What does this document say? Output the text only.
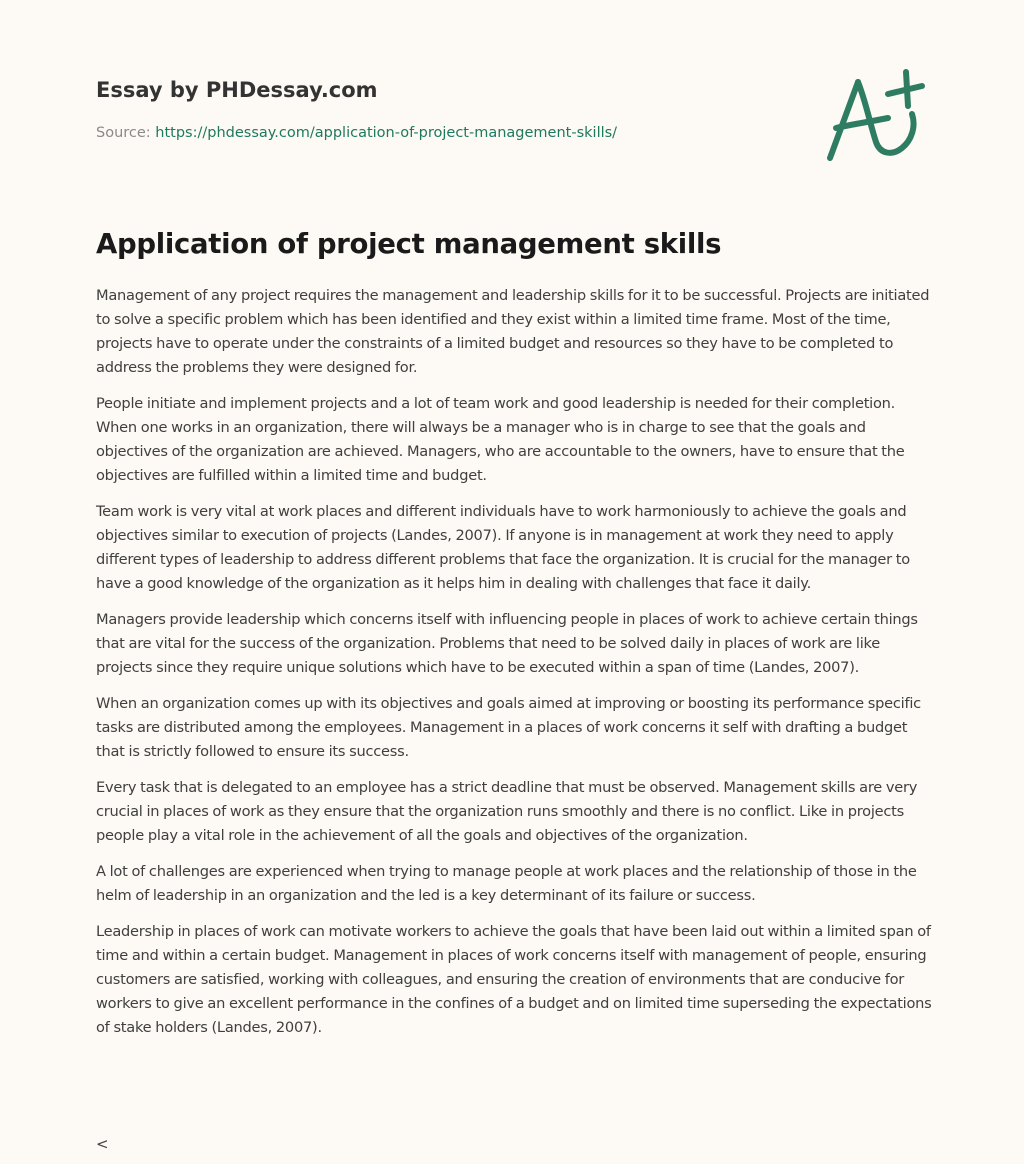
Essay by PHDessay.com
Source: https://phdessay.com/application-of-project-management-skills/
Application of project management skills

Management of any project requires the management and leadership skills for it to be successful. Projects are initiated to solve a specific problem which has been identified and they exist within a limited time frame. Most of the time, projects have to operate under the constraints of a limited budget and resources so they have to be completed to address the problems they were designed for.

People initiate and implement projects and a lot of team work and good leadership is needed for their completion. When one works in an organization, there will always be a manager who is in charge to see that the goals and objectives of the organization are achieved. Managers, who are accountable to the owners, have to ensure that the objectives are fulfilled within a limited time and budget.

Team work is very vital at work places and different individuals have to work harmoniously to achieve the goals and objectives similar to execution of projects (Landes, 2007). If anyone is in management at work they need to apply different types of leadership to address different problems that face the organization. It is crucial for the manager to have a good knowledge of the organization as it helps him in dealing with challenges that face it daily.

Managers provide leadership which concerns itself with influencing people in places of work to achieve certain things that are vital for the success of the organization. Problems that need to be solved daily in places of work are like projects since they require unique solutions which have to be executed within a span of time (Landes, 2007).

When an organization comes up with its objectives and goals aimed at improving or boosting its performance specific tasks are distributed among the employees. Management in a places of work concerns it self with drafting a budget that is strictly followed to ensure its success.

Every task that is delegated to an employee has a strict deadline that must be observed. Management skills are very crucial in places of work as they ensure that the organization runs smoothly and there is no conflict. Like in projects people play a vital role in the achievement of all the goals and objectives of the organization.

A lot of challenges are experienced when trying to manage people at work places and the relationship of those in the helm of leadership in an organization and the led is a key determinant of its failure or success.

Leadership in places of work can motivate workers to achieve the goals that have been laid out within a limited span of time and within a certain budget. Management in places of work concerns itself with management of people, ensuring customers are satisfied, working with colleagues, and ensuring the creation of environments that are conducive for workers to give an excellent performance in the confines of a budget and on limited time superseding the expectations of stake holders (Landes, 2007).

<
